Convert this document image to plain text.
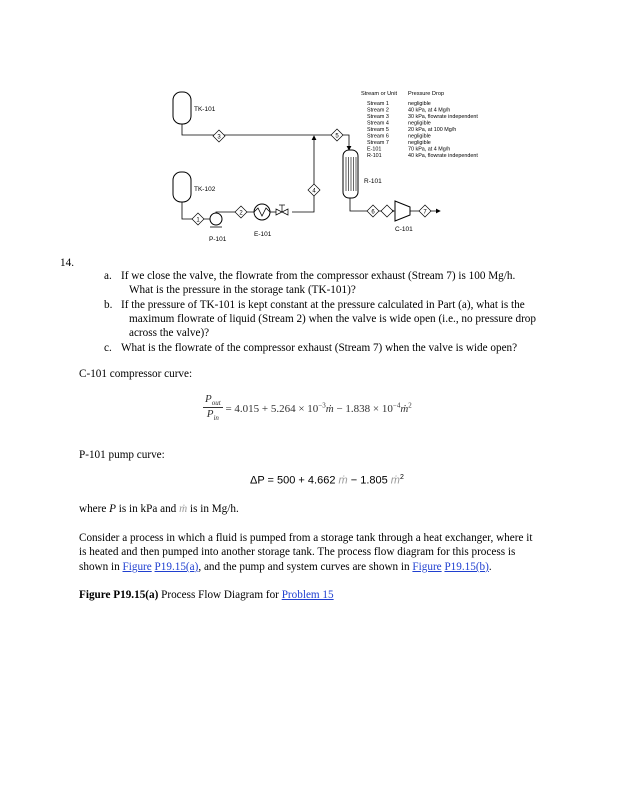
TK-101
3	5
4
R-101
6
C-101
7
TK-102
1
P-101
2
E-101
Stream or Unit Pressure Drop
Stream 1	negligible
Stream 2	40 kPa, at 4 Mg/h
Stream 3	30 kPa, flowrate independent
Stream 4	negligible
Stream 5	20 kPa, at 100 Mg/h
Stream 6	negligible
Stream 7	negligible
E-101	70 kPa, at 4 Mg/h
R-101	40 kPa, flowrate independent
14.
a. If we close the valve, the flowrate from the compressor exhaust (Stream 7) is 100 Mg/h.
What is the pressure in the storage tank (TK-101)?
b. If the pressure of TK-101 is kept constant at the pressure calculated in Part (a), what is the
maximum flowrate of liquid (Stream 2) when the valve is wide open (i.e., no pressure drop
across the valve)?
c. What is the flowrate of the compressor exhaust (Stream 7) when the valve is wide open?
C-101 compressor curve:
$\frac{P_{out}}{P_{in}} = 4.015 + 5.264$ × $10^{-3}ṁ - 1.838$ × $10^{-4}ṁ^2$
P-101 pump curve:
ΔP = 500 + 4.662 ṁ − 1.805 ṁ$^2$
where P is in kPa and ṁ is in Mg/h.
Consider a process in which a fluid is pumped from a storage tank through a heat exchanger, where it
is heated and then pumped into another storage tank. The process flow diagram for this process is
shown in Figure P19.15(a), and the pump and system curves are shown in Figure P19.15(b).
Figure P19.15(a) Process Flow Diagram for Problem 15
